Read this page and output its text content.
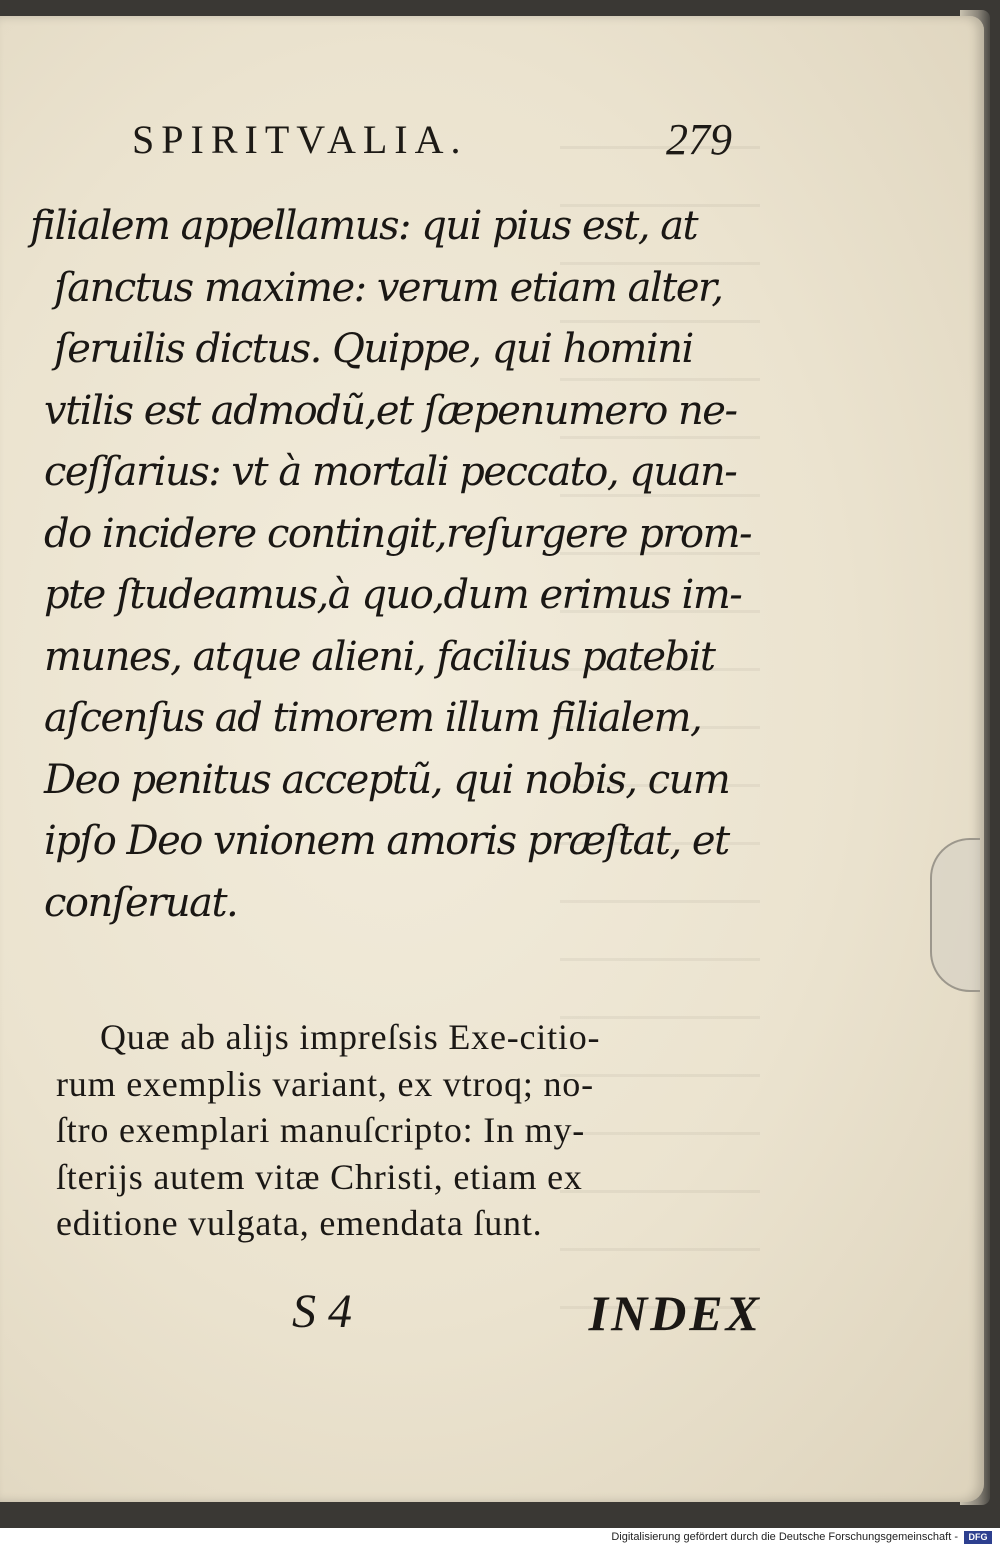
SPIRITVALIA.	279
filialem appellamus: qui pius est, at
ſanctus maxime: verum etiam alter,
ſeruilis dictus. Quippe, qui homini
vtilis est admodũ,et ſæpenumero ne-
ceſſarius: vt à mortali peccato, quan-
do incidere contingit,reſurgere prom-
pte ſtudeamus,à quo,dum erimus im-
munes, atque alieni, facilius patebit
aſcenſus ad timorem illum filialem,
Deo penitus acceptũ, qui nobis, cum
ipſo Deo vnionem amoris præſtat, et
conſeruat.
Quæ ab alijs impreſsis Exe-citio-
rum exemplis variant, ex vtroq; no-
ſtro exemplari manuſcripto: In my-
ſterijs autem vitæ Christi, etiam ex
editione vulgata, emendata ſunt.
S 4	INDEX
Digitalisierung gefördert durch die Deutsche Forschungsgemeinschaft -	DFG
